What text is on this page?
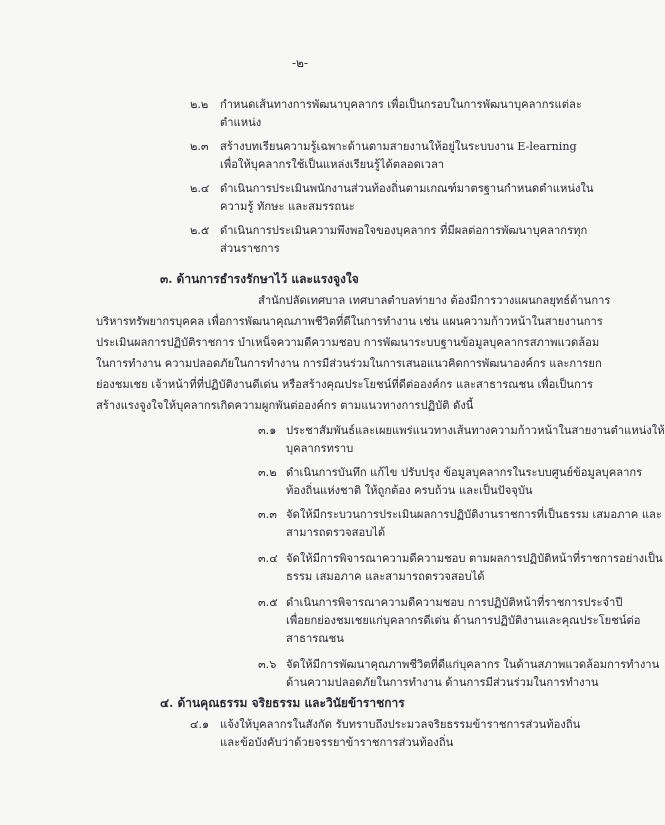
-๒-
๒.๒ กำหนดเส้นทางการพัฒนาบุคลากร เพื่อเป็นกรอบในการพัฒนาบุคลากรแต่ละ
ตำแหน่ง
๒.๓ สร้างบทเรียนความรู้เฉพาะด้านตามสายงานให้อยู่ในระบบงาน E-learning
เพื่อให้บุคลากรใช้เป็นแหล่งเรียนรู้ได้ตลอดเวลา
๒.๔ ดำเนินการประเมินพนักงานส่วนท้องถิ่นตามเกณฑ์มาตรฐานกำหนดตำแหน่งใน
ความรู้ ทักษะ และสมรรถนะ
๒.๕ ดำเนินการประเมินความพึงพอใจของบุคลากร ที่มีผลต่อการพัฒนาบุคลากรทุก
ส่วนราชการ
๓. ด้านการธำรงรักษาไว้ และแรงจูงใจ
สำนักปลัดเทศบาล เทศบาลตำบลท่ายาง ต้องมีการวางแผนกลยุทธ์ด้านการ
บริหารทรัพยากรบุคคล เพื่อการพัฒนาคุณภาพชีวิตที่ดีในการทำงาน เช่น แผนความก้าวหน้าในสายงานการ
ประเมินผลการปฏิบัติราชการ บำเหน็จความดีความชอบ การพัฒนาระบบฐานข้อมูลบุคลากรสภาพแวดล้อม
ในการทำงาน ความปลอดภัยในการทำงาน การมีส่วนร่วมในการเสนอแนวคิดการพัฒนาองค์กร และการยก
ย่องชมเชย เจ้าหน้าที่ที่ปฏิบัติงานดีเด่น หรือสร้างคุณประโยชน์ที่ดีต่อองค์กร และสาธารณชน เพื่อเป็นการ
สร้างแรงจูงใจให้บุคลากรเกิดความผูกพันต่อองค์กร ตามแนวทางการปฏิบัติ ดังนี้
๓.๑ ประชาสัมพันธ์และเผยแพร่แนวทางเส้นทางความก้าวหน้าในสายงานตำแหน่งให้
บุคลากรทราบ
๓.๒ ดำเนินการบันทึก แก้ไข ปรับปรุง ข้อมูลบุคลากรในระบบศูนย์ข้อมูลบุคลากร
ท้องถิ่นแห่งชาติ ให้ถูกต้อง ครบถ้วน และเป็นปัจจุบัน
๓.๓ จัดให้มีกระบวนการประเมินผลการปฏิบัติงานราชการที่เป็นธรรม เสมอภาค และ
สามารถตรวจสอบได้
๓.๔ จัดให้มีการพิจารณาความดีความชอบ ตามผลการปฏิบัติหน้าที่ราชการอย่างเป็น
ธรรม เสมอภาค และสามารถตรวจสอบได้
๓.๕ ดำเนินการพิจารณาความดีความชอบ การปฏิบัติหน้าที่ราชการประจำปี
เพื่อยกย่องชมเชยแก่บุคลากรดีเด่น ด้านการปฏิบัติงานและคุณประโยชน์ต่อ
สาธารณชน
๓.๖ จัดให้มีการพัฒนาคุณภาพชีวิตที่ดีแก่บุคลากร ในด้านสภาพแวดล้อมการทำงาน
ด้านความปลอดภัยในการทำงาน ด้านการมีส่วนร่วมในการทำงาน
๔. ด้านคุณธรรม จริยธรรม และวินัยข้าราชการ
๔.๑ แจ้งให้บุคลากรในสังกัด รับทราบถึงประมวลจริยธรรมข้าราชการส่วนท้องถิ่น
และข้อบังคับว่าด้วยจรรยาข้าราชการส่วนท้องถิ่น
